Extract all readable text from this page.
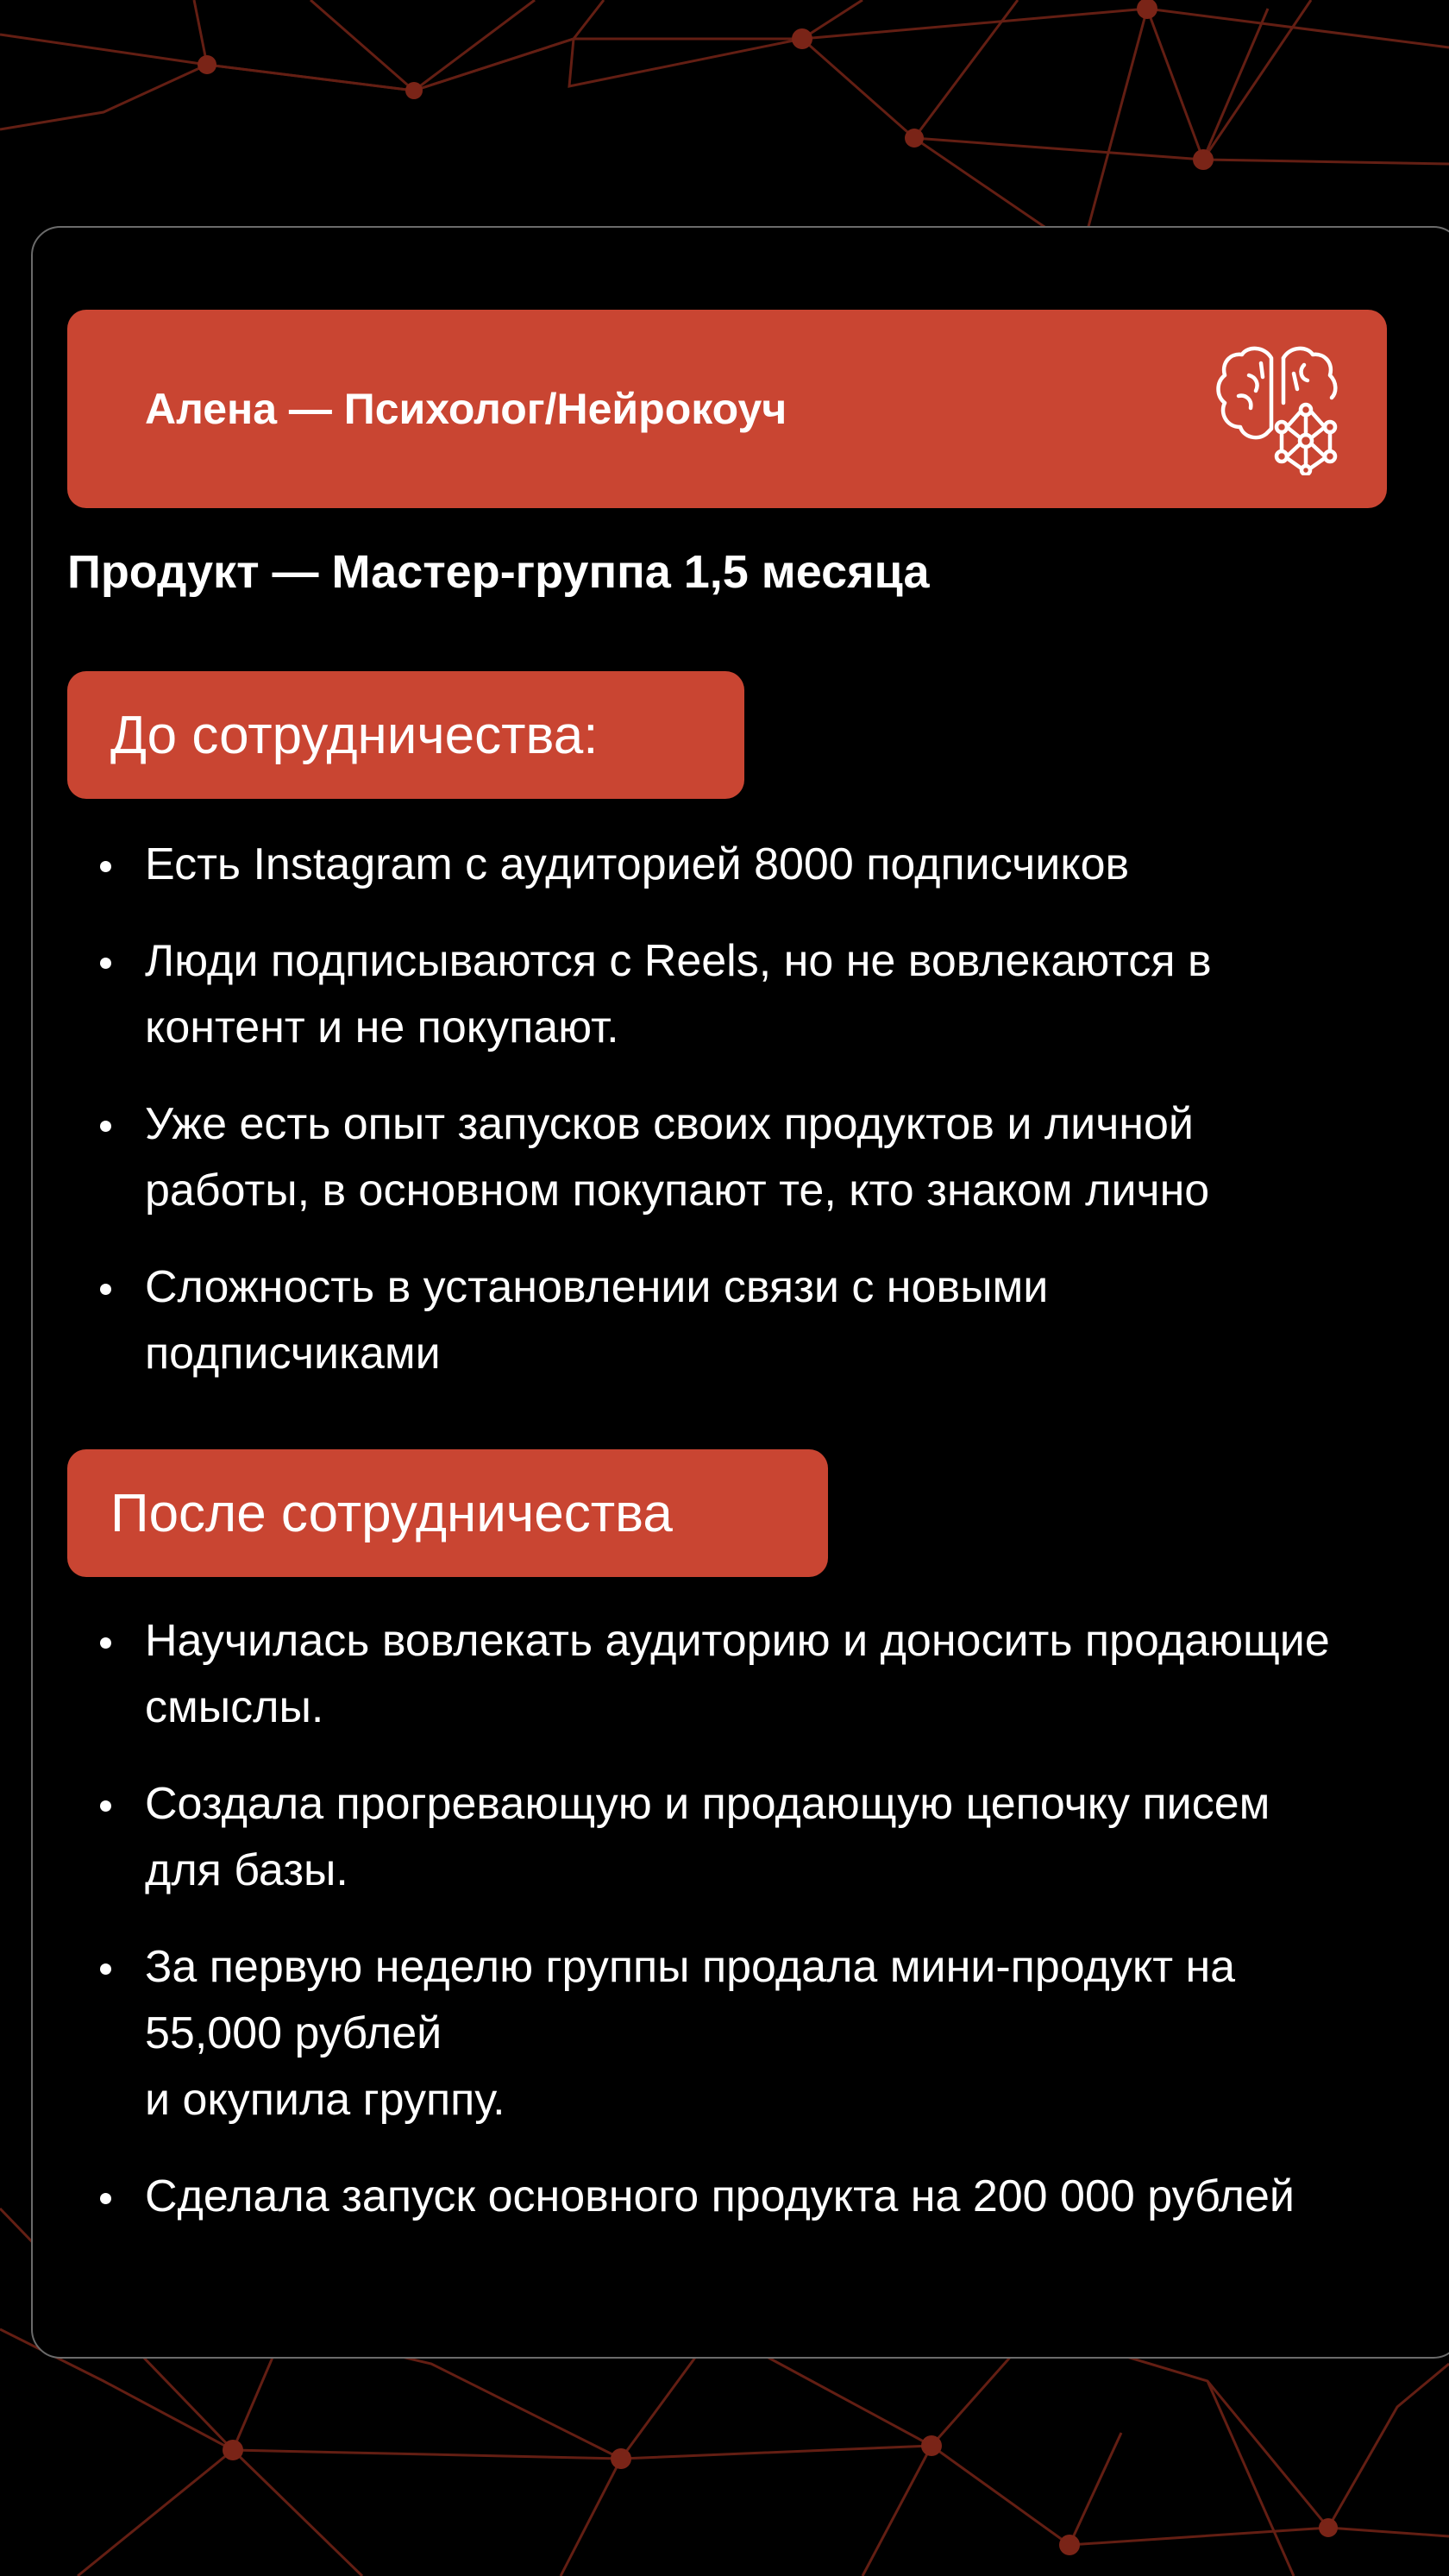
Алена — Психолог/Нейрокоуч
Продукт — Мастер-группа 1,5 месяца
До сотрудничества:
Есть Instagram с аудиторией 8000 подписчиков
Люди подписываются с Reels, но не вовлекаются в контент и не покупают.
Уже есть опыт запусков своих продуктов и личной работы, в основном покупают те, кто знаком лично
Сложность в установлении связи с новыми подписчиками
После сотрудничества
Научилась вовлекать аудиторию и доносить продающие смыслы.
Создала прогревающую и продающую цепочку писем для базы.
За первую неделю группы продала мини-продукт на 55,000 рублей
и окупила группу.
Сделала запуск основного продукта на 200 000 рублей
